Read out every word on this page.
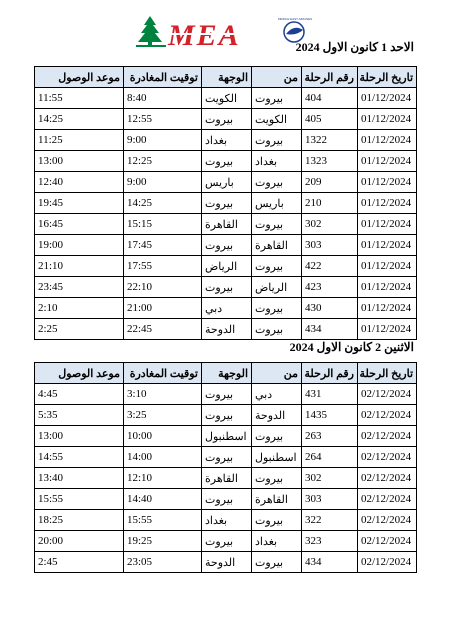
MEA	MIDDLE EAST AIRLINES
الاحد 1 كانون الاول 2024
تاريخ الرحلة	رقم الرحلة	من	الوجهة	توقيت المغادرة	موعد الوصول
01/12/2024	404	بيروت	الكويت	8:40	11:55
01/12/2024	405	الكويت	بيروت	12:55	14:25
01/12/2024	1322	بيروت	بغداد	9:00	11:25
01/12/2024	1323	بغداد	بيروت	12:25	13:00
01/12/2024	209	بيروت	باريس	9:00	12:40
01/12/2024	210	باريس	بيروت	14:25	19:45
01/12/2024	302	بيروت	القاهرة	15:15	16:45
01/12/2024	303	القاهرة	بيروت	17:45	19:00
01/12/2024	422	بيروت	الرياض	17:55	21:10
01/12/2024	423	الرياض	بيروت	22:10	23:45
01/12/2024	430	بيروت	دبي	21:00	2:10
01/12/2024	434	بيروت	الدوحة	22:45	2:25
الاثنين 2 كانون الاول 2024
تاريخ الرحلة	رقم الرحلة	من	الوجهة	توقيت المغادرة	موعد الوصول
02/12/2024	431	دبي	بيروت	3:10	4:45
02/12/2024	1435	الدوحة	بيروت	3:25	5:35
02/12/2024	263	بيروت	اسطنبول	10:00	13:00
02/12/2024	264	اسطنبول	بيروت	14:00	14:55
02/12/2024	302	بيروت	القاهرة	12:10	13:40
02/12/2024	303	القاهرة	بيروت	14:40	15:55
02/12/2024	322	بيروت	بغداد	15:55	18:25
02/12/2024	323	بغداد	بيروت	19:25	20:00
02/12/2024	434	بيروت	الدوحة	23:05	2:45
